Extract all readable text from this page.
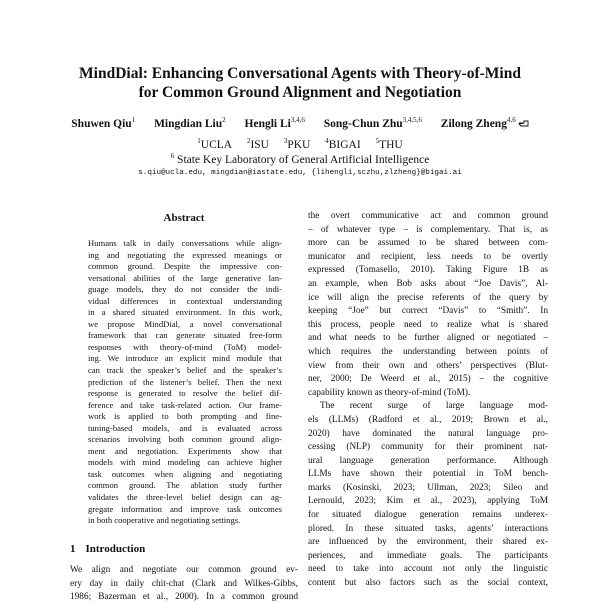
MindDial: Enhancing Conversational Agents with Theory-of-Mind
for Common Ground Alignment and Negotiation
Shuwen Qiu$^1$ Mingdian Liu$^2$ Hengli Li$^{3,4,6}$ Song-Chun Zhu$^{3,4,5,6}$ Zilong Zheng$^{4,6}$
$^1$UCLA $^2$ISU $^3$PKU $^4$BIGAI $^5$THU
$^6$ State Key Laboratory of General Artificial Intelligence
s.qiu@ucla.edu, mingdian@iastate.edu, {lihengli,sczhu,zlzheng}@bigai.ai
Abstract
Humans talk in daily conversations while align-
ing and negotiating the expressed meanings or
common ground. Despite the impressive con-
versational abilities of the large generative lan-
guage models, they do not consider the indi-
vidual differences in contextual understanding
in a shared situated environment. In this work,
we propose MindDial, a novel conversational
framework that can generate situated free-form
responses with theory-of-mind (ToM) model-
ing. We introduce an explicit mind module that
can track the speaker’s belief and the speaker’s
prediction of the listener’s belief. Then the next
response is generated to resolve the belief dif-
ference and take task-related action. Our frame-
work is applied to both prompting and fine-
tuning-based models, and is evaluated across
scenarios involving both common ground align-
ment and negotiation. Experiments show that
models with mind modeling can achieve higher
task outcomes when aligning and negotiating
common ground. The ablation study further
validates the three-level belief design can ag-
gregate information and improve task outcomes
in both cooperative and negotiating settings.
1 Introduction
We align and negotiate our common ground ev-
ery day in daily chit-chat (Clark and Wilkes-Gibbs,
1986; Bazerman et al., 2000). In a common ground
the overt communicative act and common ground
– of whatever type – is complementary. That is, as
more can be assumed to be shared between com-
municator and recipient, less needs to be overtly
expressed (Tomasello, 2010). Taking Figure 1B as
an example, when Bob asks about “Joe Davis”, Al-
ice will align the precise referents of the query by
keeping “Joe” but correct “Davis” to “Smith”. In
this process, people need to realize what is shared
and what needs to be further aligned or negotiated –
which requires the understanding between points of
view from their own and others’ perspectives (Blut-
ner, 2000; De Weerd et al., 2015) – the cognitive
capability known as theory-of-mind (ToM).
The recent surge of large language mod-
els (LLMs) (Radford et al., 2019; Brown et al.,
2020) have dominated the natural language pro-
cessing (NLP) community for their prominent nat-
ural language generation performance. Although
LLMs have shown their potential in ToM bench-
marks (Kosinski, 2023; Ullman, 2023; Sileo and
Lernould, 2023; Kim et al., 2023), applying ToM
for situated dialogue generation remains underex-
plored. In these situated tasks, agents’ interactions
are influenced by the environment, their shared ex-
periences, and immediate goals. The participants
need to take into account not only the linguistic
content but also factors such as the social context,
